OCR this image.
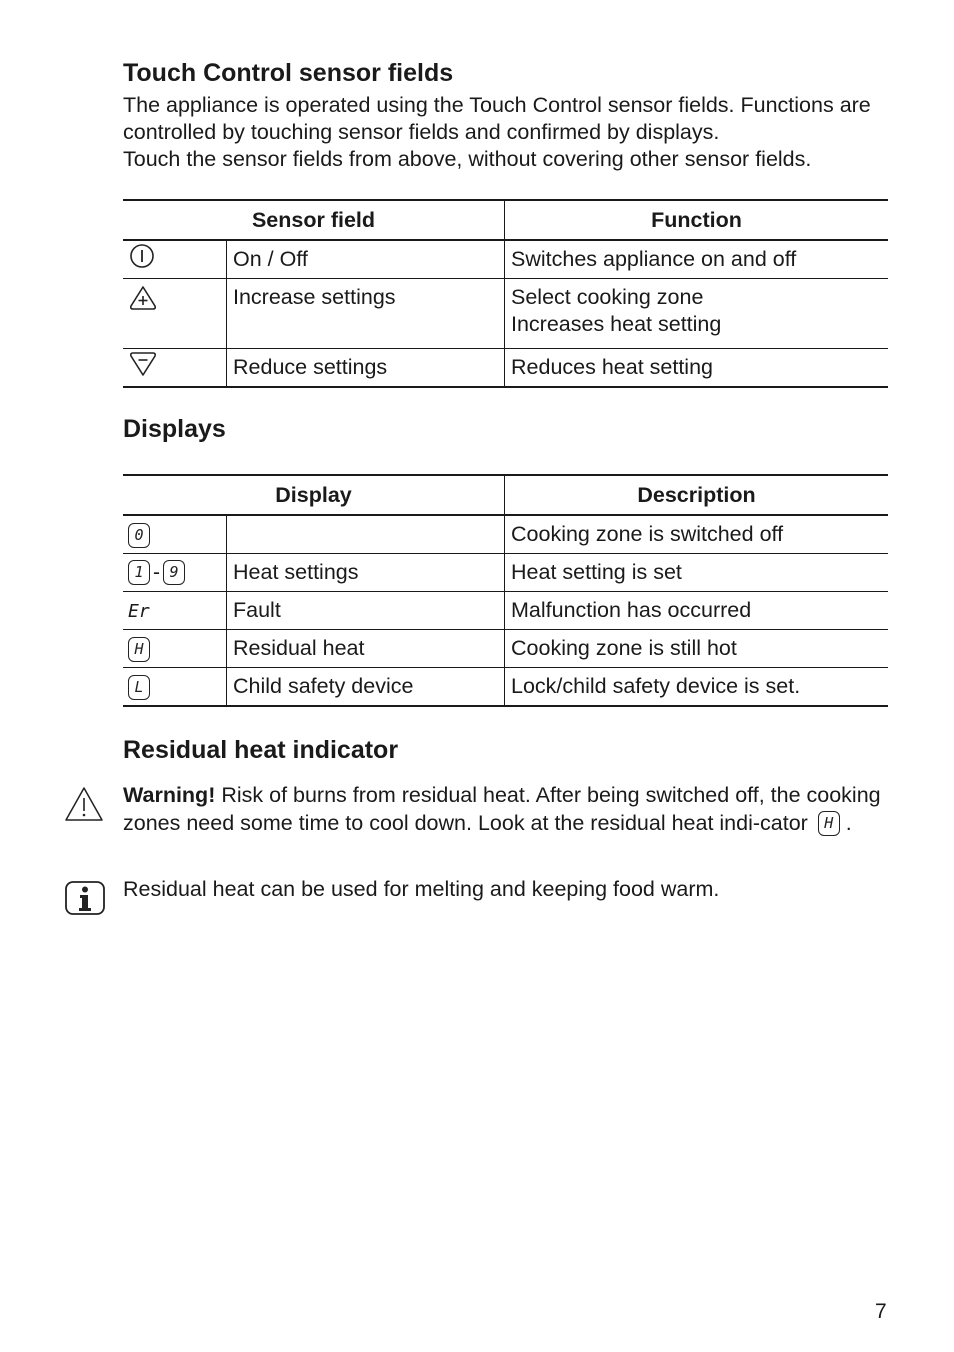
Touch Control sensor fields

The appliance is operated using the Touch Control sensor fields. Functions are controlled by touching sensor fields and confirmed by displays.

Touch the sensor fields from above, without covering other sensor fields.

Sensor field		Function
	On / Off	Switches appliance on and off
	Increase settings	Select cooking zone
Increases heat setting

	Reduce settings	Reduces heat setting
Displays
Display		Description
0		Cooking zone is switched off
1 - 9	Heat settings	Heat setting is set
Er	Fault	Malfunction has occurred
H	Residual heat	Cooking zone is still hot
L	Child safety device	Lock/child safety device is set.
Residual heat indicator
Warning! Risk of burns from residual heat. After being switched off, the cooking zones need some time to cool down. Look at the residual heat indi-cator H .
Residual heat can be used for melting and keeping food warm.
7
